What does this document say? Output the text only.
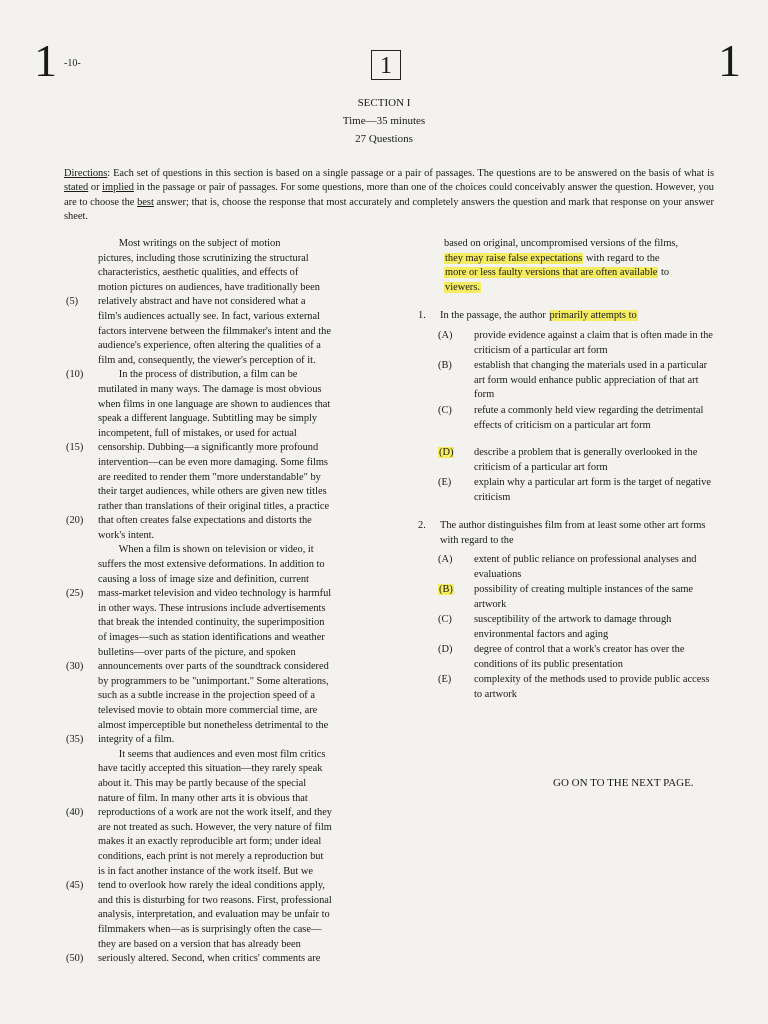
1 -10-	1	1
SECTION I
Time—35 minutes
27 Questions
Directions: Each set of questions in this section is based on a single passage or a pair of passages. The questions are to be answered on the basis of what is stated or implied in the passage or pair of passages. For some questions, more than one of the choices could conceivably answer the question. However, you are to choose the best answer; that is, choose the response that most accurately and completely answers the question and mark that response on your answer sheet.
Most writings on the subject of motion
pictures, including those scrutinizing the structural
characteristics, aesthetic qualities, and effects of
motion pictures on audiences, have traditionally been
(5)	relatively abstract and have not considered what a
film's audiences actually see. In fact, various external
factors intervene between the filmmaker's intent and the
audience's experience, often altering the qualities of a
film and, consequently, the viewer's perception of it.
(10)	In the process of distribution, a film can be
mutilated in many ways. The damage is most obvious
when films in one language are shown to audiences that
speak a different language. Subtitling may be simply
incompetent, full of mistakes, or used for actual
(15)	censorship. Dubbing—a significantly more profound
intervention—can be even more damaging. Some films
are reedited to render them "more understandable" by
their target audiences, while others are given new titles
rather than translations of their original titles, a practice
(20)	that often creates false expectations and distorts the
work's intent.
When a film is shown on television or video, it
suffers the most extensive deformations. In addition to
causing a loss of image size and definition, current
(25)	mass-market television and video technology is harmful
in other ways. These intrusions include advertisements
that break the intended continuity, the superimposition
of images—such as station identifications and weather
bulletins—over parts of the picture, and spoken
(30)	announcements over parts of the soundtrack considered
by programmers to be "unimportant." Some alterations,
such as a subtle increase in the projection speed of a
televised movie to obtain more commercial time, are
almost imperceptible but nonetheless detrimental to the
(35)	integrity of a film.
It seems that audiences and even most film critics
have tacitly accepted this situation—they rarely speak
about it. This may be partly because of the special
nature of film. In many other arts it is obvious that
(40)	reproductions of a work are not the work itself, and they
are not treated as such. However, the very nature of film
makes it an exactly reproducible art form; under ideal
conditions, each print is not merely a reproduction but
is in fact another instance of the work itself. But we
(45)	tend to overlook how rarely the ideal conditions apply,
and this is disturbing for two reasons. First, professional
analysis, interpretation, and evaluation may be unfair to
filmmakers when—as is surprisingly often the case—
they are based on a version that has already been
(50)	seriously altered. Second, when critics' comments are
based on original, uncompromised versions of the films,
they may raise false expectations with regard to the
more or less faulty versions that are often available to
viewers.
1. In the passage, the author primarily attempts to
(A)	provide evidence against a claim that is often made in the criticism of a particular art form
(B)	establish that changing the materials used in a particular art form would enhance public appreciation of that art form
(C)	refute a commonly held view regarding the detrimental effects of criticism on a particular art form
(D)	describe a problem that is generally overlooked in the criticism of a particular art form
(E)	explain why a particular art form is the target of negative criticism
2. The author distinguishes film from at least some other art forms with regard to the
(A)	extent of public reliance on professional analyses and evaluations
(B)	possibility of creating multiple instances of the same artwork
(C)	susceptibility of the artwork to damage through environmental factors and aging
(D)	degree of control that a work's creator has over the conditions of its public presentation
(E)	complexity of the methods used to provide public access to artwork
GO ON TO THE NEXT PAGE.
